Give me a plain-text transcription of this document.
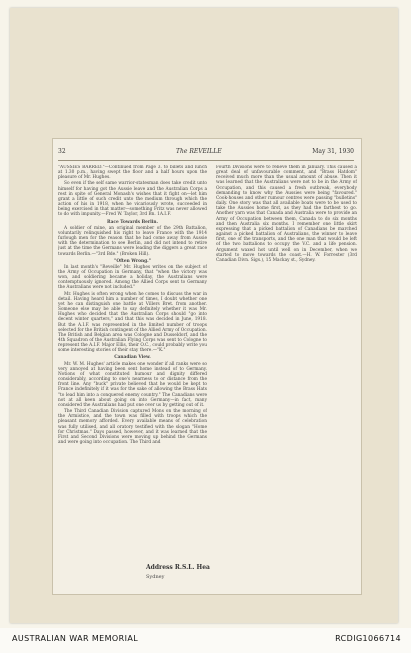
32	The REVEILLE	May 31, 1930

"AUSSIES BARRED."—Continued from Page 3. to billets and lunch at 1.30 p.m., having swept the floor and a half hours upon the pleasure of Mr. Hughes.

So even if the self same warrior-statesman does take credit unto himself for having got the Aussie leave and the Australian Corps a rest in spite of General Monash's wishes that it fight on—let him grant a little of such credit unto the medium through which the action of his in 1918, when he vicariously wrote, succeeded in being exercised in that matter—something Fritz was never allowed to do with impunity.—Fred W. Taylor, 3rd Bn. 1A.I.F.

Race Towards Berlin.

A soldier of mine, an original member of the 29th Battalion, voluntarily relinquished his right to leave France with the 1914 furlough men for the reason that he had come away from Aussie with the determination to see Berlin, and did not intend to retire just at the time the Germans were leading the diggers a great race towards Berlin.—"3rd Bde." (Broken Hill).

"Often Wrong."

In last month's "Reveille" Mr. Hughes writes on the subject of the Army of Occupation in Germany, that "when the victory was won, and soldiering became a holiday, the Australians were contemptuously ignored. Among the Allied Corps sent to Germany the Australians were not included."

Mr. Hughes is often wrong when he comes to discuss the war in detail. Having heard him a number of times, I doubt whether one yet he can distinguish one battle at Villers Bret. from another. Someone else may be able to say definitely whether it was Mr. Hughes who decided that the Australian Corps should "go into decent winter quarters," and that this was decided in June, 1918. But the A.I.F. was represented in the limited number of troops selected for the British contingent of the Allied Army of Occupation. The British and Belgian area was Cologne and Dusseldorf, and the 4th Squadron of the Australian Flying Corps was sent to Cologne to represent the A.I.F. Major Ellis, their O.C., could probably write you some interesting stories of their stay there.—"K."

Canadian View.

Mr. W. M. Hughes' article makes one wonder if all ranks were so very annoyed at having been sent home instead of to Germany. Notions of what constituted humour and dignity differed considerably, according to one's nearness to or distance from the front line. Any "buck" private believed that he would be kept to France indefinitely if it was for the sake of allowing the Brass Hats "to lead him into a conquered enemy country." The Canadians were not at all keen about going on into Germany—in fact, many considered the Australians had put one over us by getting out of it.

The Third Canadian Division captured Mons on the morning of the Armistice, and the town was filled with troops which the pleasant memory afforded. Every available means of celebration was fully utilised, and all oratory testified with the slogan "Home for Christmas." Days passed, however, and it was learned that the First and Second Divisions were moving up behind the Germans and were going into occupation. The Third and

Fourth Divisions were to relieve them in January. This caused a great deal of unfavourable comment, and "Brass Hatdom" received much more than the usual amount of abuse. Then it was learned that the Australians were not to be in the Army of Occupation, and this caused a fresh outbreak, everybody demanding to know why the Aussies were being "favoured." Cook-houses and other rumour centres were passing "bulletins" daily. One story was that all available boats were to be used to take the Aussies home first, as they had the farthest to go. Another yarn was that Canada and Australia were to provide an Army of Occupation between them, Canada to do six months and then Australia six months. I remember one little skirt expressing that a picked battalion of Canadians be marched against a picked battalion of Australians, the winner to leave first, one of the transports, and the one man that would be left of the two battalions to occupy the V.C. and a life pension. Argument waxed hot until well on in December, when we started to move towards the coast.—H. W. Forrester (3rd Canadian Divn. Sigs.), 15 Mackay st., Sydney.

Address R.S.L. Hea
Sydney
AUSTRALIAN WAR MEMORIAL	RCDIG1066714
